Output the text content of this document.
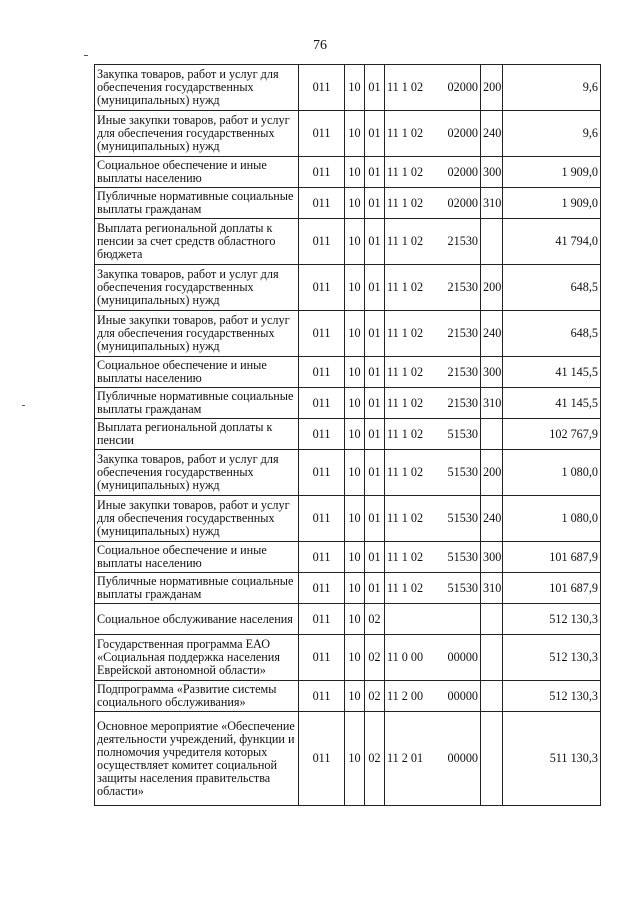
76
Закупка товаров, работ и услуг для обеспечения государственных (муниципальных) нужд	011	10	01	11 1 02	02000	200	9,6
Иные закупки товаров, работ и услуг для обеспечения государственных (муниципальных) нужд	011	10	01	11 1 02	02000	240	9,6
Социальное обеспечение и иные выплаты населению	011	10	01	11 1 02	02000	300	1 909,0
Публичные нормативные социальные выплаты гражданам	011	10	01	11 1 02	02000	310	1 909,0
Выплата региональной доплаты к пенсии за счет средств областного бюджета	011	10	01	11 1 02	21530		41 794,0
Закупка товаров, работ и услуг для обеспечения государственных (муниципальных) нужд	011	10	01	11 1 02	21530	200	648,5
Иные закупки товаров, работ и услуг для обеспечения государственных (муниципальных) нужд	011	10	01	11 1 02	21530	240	648,5
Социальное обеспечение и иные выплаты населению	011	10	01	11 1 02	21530	300	41 145,5
Публичные нормативные социальные выплаты гражданам	011	10	01	11 1 02	21530	310	41 145,5
Выплата региональной доплаты к пенсии	011	10	01	11 1 02	51530		102 767,9
Закупка товаров, работ и услуг для обеспечения государственных (муниципальных) нужд	011	10	01	11 1 02	51530	200	1 080,0
Иные закупки товаров, работ и услуг для обеспечения государственных (муниципальных) нужд	011	10	01	11 1 02	51530	240	1 080,0
Социальное обеспечение и иные выплаты населению	011	10	01	11 1 02	51530	300	101 687,9
Публичные нормативные социальные выплаты гражданам	011	10	01	11 1 02	51530	310	101 687,9
Социальное обслуживание населения	011	10	02				512 130,3
Государственная программа ЕАО «Социальная поддержка населения Еврейской автономной области»	011	10	02	11 0 00	00000		512 130,3
Подпрограмма «Развитие системы социального обслуживания»	011	10	02	11 2 00	00000		512 130,3
Основное мероприятие «Обеспечение деятельности учреждений, функции и полномочия учредителя которых осуществляет комитет социальной защиты населения правительства области»	011	10	02	11 2 01	00000		511 130,3
